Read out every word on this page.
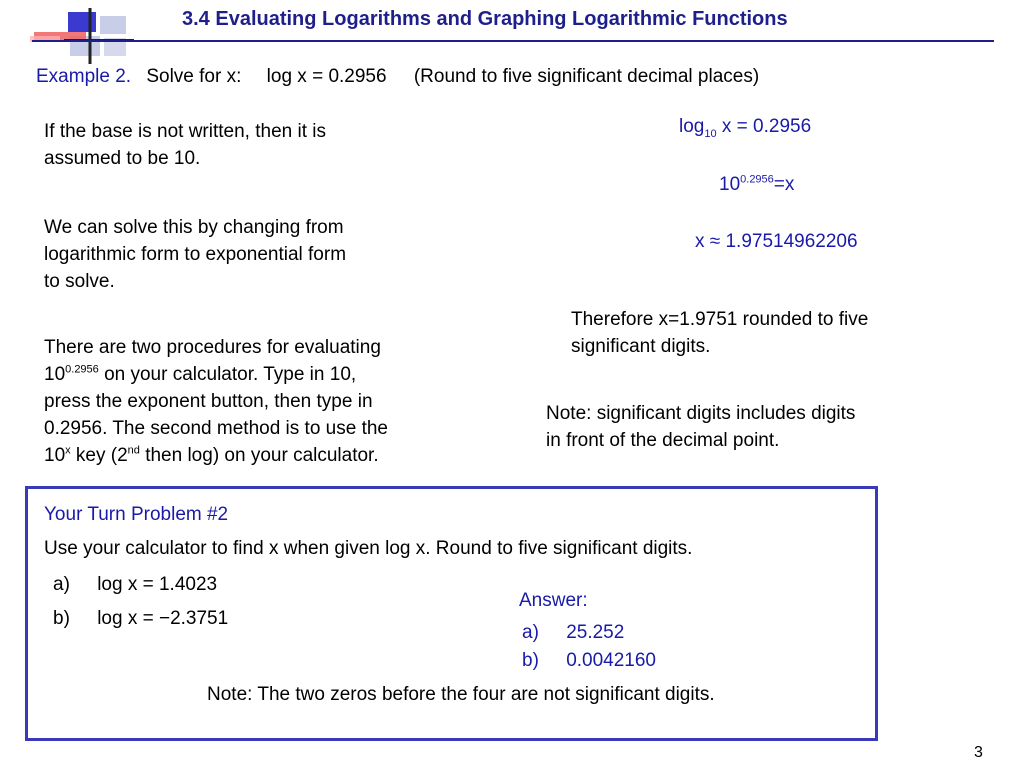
3.4 Evaluating Logarithms and Graphing Logarithmic Functions
Example 2. Solve for x: log x = 0.2956 (Round to five significant decimal places)
If the base is not written, then it is
assumed to be 10.
We can solve this by changing from
logarithmic form to exponential form
to solve.
There are two procedures for evaluating
$10^{0.2956}$ on your calculator. Type in 10,
press the exponent button, then type in
0.2956. The second method is to use the
10$^x$ key (2nd then log) on your calculator.
$\log_{10} x = 0.2956$
$10^{0.2956}=x$
x ≈ 1.97514962206
Therefore x=1.9751 rounded to five
significant digits.
Note: significant digits includes digits
in front of the decimal point.
Your Turn Problem #2
Use your calculator to find x when given log x. Round to five significant digits.
a) log x = 1.4023
b) log x = −2.3751
Answer:
a) 25.252
b) 0.0042160
Note: The two zeros before the four are not significant digits.
3
